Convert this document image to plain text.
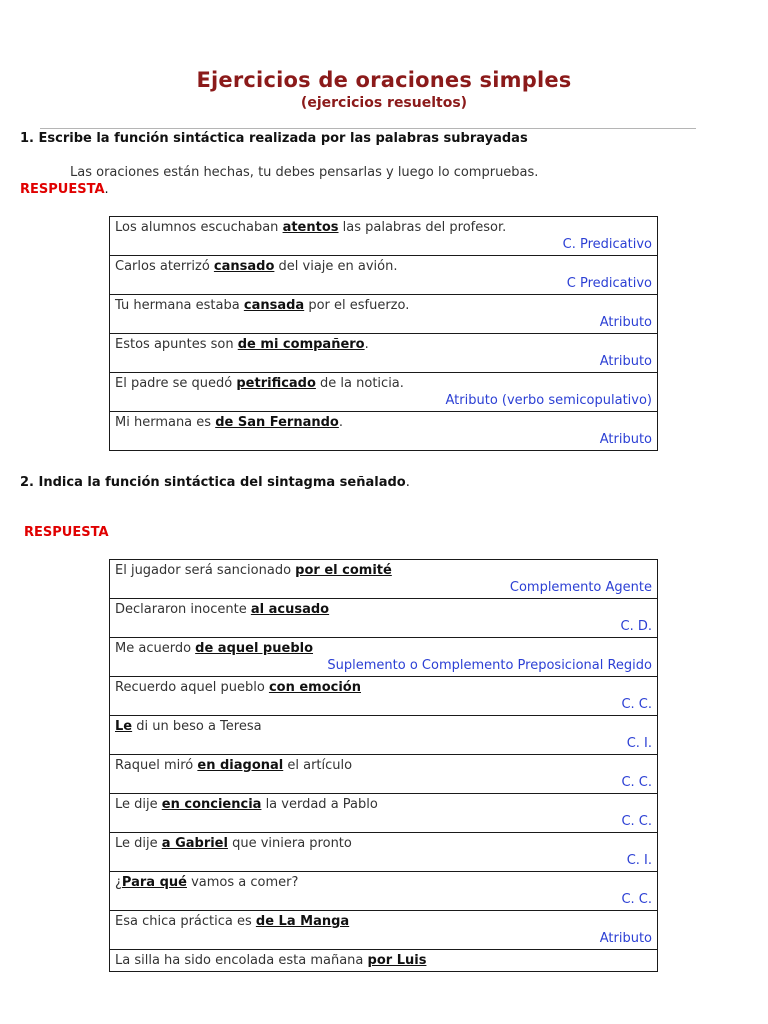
Ejercicios de oraciones simples
(ejercicios resueltos)
1. Escribe la función sintáctica realizada por las palabras subrayadas
Las oraciones están hechas, tu debes pensarlas y luego lo compruebas.
RESPUESTA.
Los alumnos escuchaban atentos las palabras del profesor.
C. Predicativo

Carlos aterrizó cansado del viaje en avión.
C Predicativo

Tu hermana estaba cansada por el esfuerzo.
Atributo

Estos apuntes son de mi compañero.
Atributo

El padre se quedó petrificado de la noticia.
Atributo (verbo semicopulativo)

Mi hermana es de San Fernando.
Atributo
2. Indica la función sintáctica del sintagma señalado.
RESPUESTA
El jugador será sancionado por el comité
Complemento Agente

Declararon inocente al acusado
C. D.

Me acuerdo de aquel pueblo
Suplemento o Complemento Preposicional Regido

Recuerdo aquel pueblo con emoción
C. C.

Le di un beso a Teresa
C. I.

Raquel miró en diagonal el artículo
C. C.

Le dije en conciencia la verdad a Pablo
C. C.

Le dije a Gabriel que viniera pronto
C. I.

¿Para qué vamos a comer?
C. C.

Esa chica práctica es de La Manga
Atributo

La silla ha sido encolada esta mañana por Luis
